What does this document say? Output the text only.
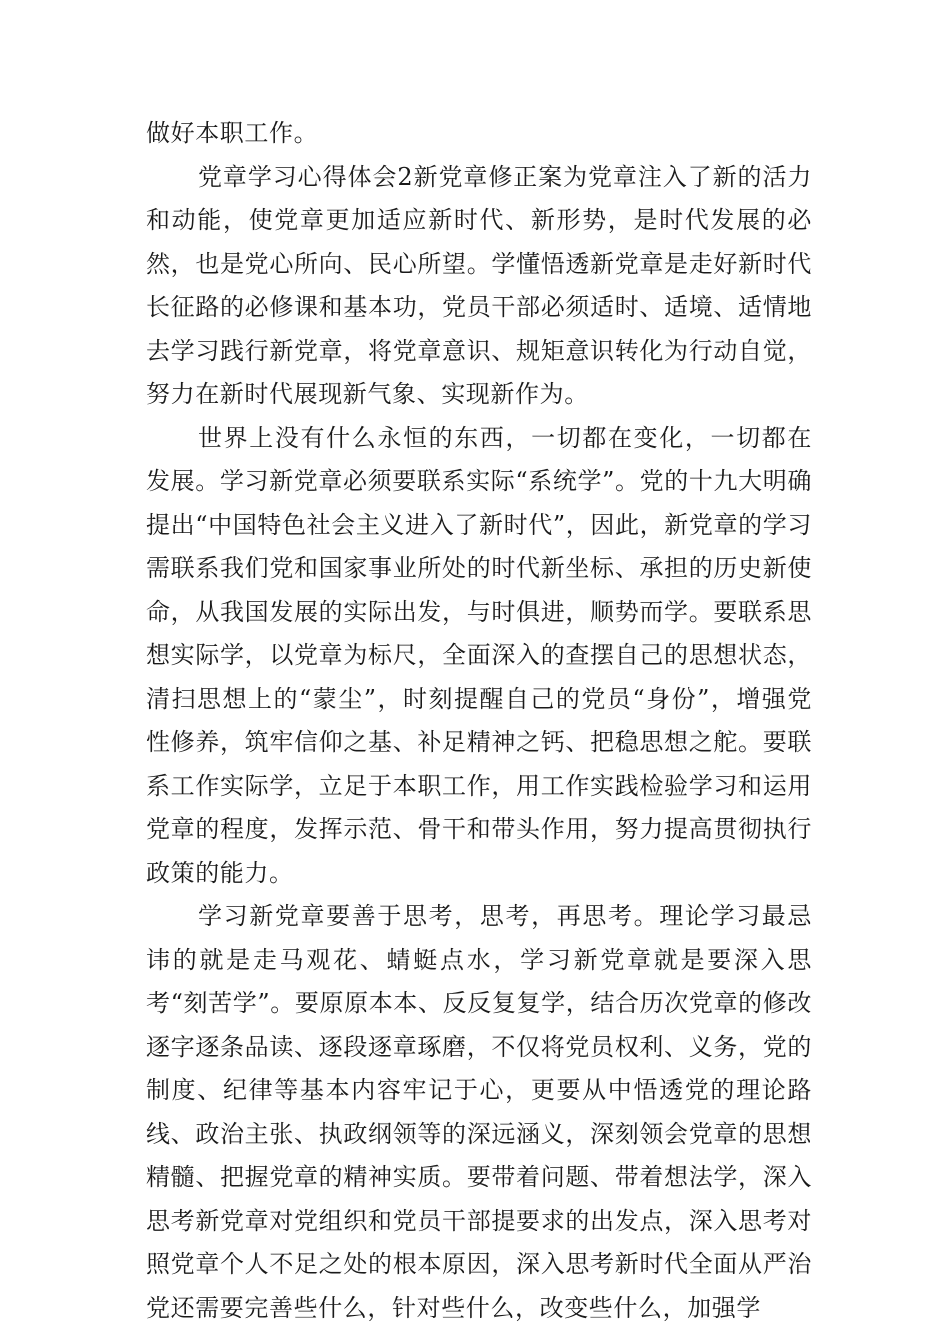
做好本职工作。

党章学习心得体会2新党章修正案为党章注入了新的活力和动能，使党章更加适应新时代、新形势，是时代发展的必然，也是党心所向、民心所望。学懂悟透新党章是走好新时代长征路的必修课和基本功，党员干部必须适时、适境、适情地去学习践行新党章，将党章意识、规矩意识转化为行动自觉，努力在新时代展现新气象、实现新作为。

世界上没有什么永恒的东西，一切都在变化，一切都在发展。学习新党章必须要联系实际“系统学”。党的十九大明确提出“中国特色社会主义进入了新时代”，因此，新党章的学习需联系我们党和国家事业所处的时代新坐标、承担的历史新使命，从我国发展的实际出发，与时俱进，顺势而学。要联系思想实际学，以党章为标尺，全面深入的查摆自己的思想状态，清扫思想上的“蒙尘”，时刻提醒自己的党员“身份”，增强党性修养，筑牢信仰之基、补足精神之钙、把稳思想之舵。要联系工作实际学，立足于本职工作，用工作实践检验学习和运用党章的程度，发挥示范、骨干和带头作用，努力提高贯彻执行政策的能力。

学习新党章要善于思考，思考，再思考。理论学习最忌讳的就是走马观花、蜻蜓点水，学习新党章就是要深入思考“刻苦学”。要原原本本、反反复复学，结合历次党章的修改逐字逐条品读、逐段逐章琢磨，不仅将党员权利、义务，党的制度、纪律等基本内容牢记于心，更要从中悟透党的理论路线、政治主张、执政纲领等的深远涵义，深刻领会党章的思想精髓、把握党章的精神实质。要带着问题、带着想法学，深入思考新党章对党组织和党员干部提要求的出发点，深入思考对照党章个人不足之处的根本原因，深入思考新时代全面从严治党还需要完善些什么，针对些什么，改变些什么，加强学
